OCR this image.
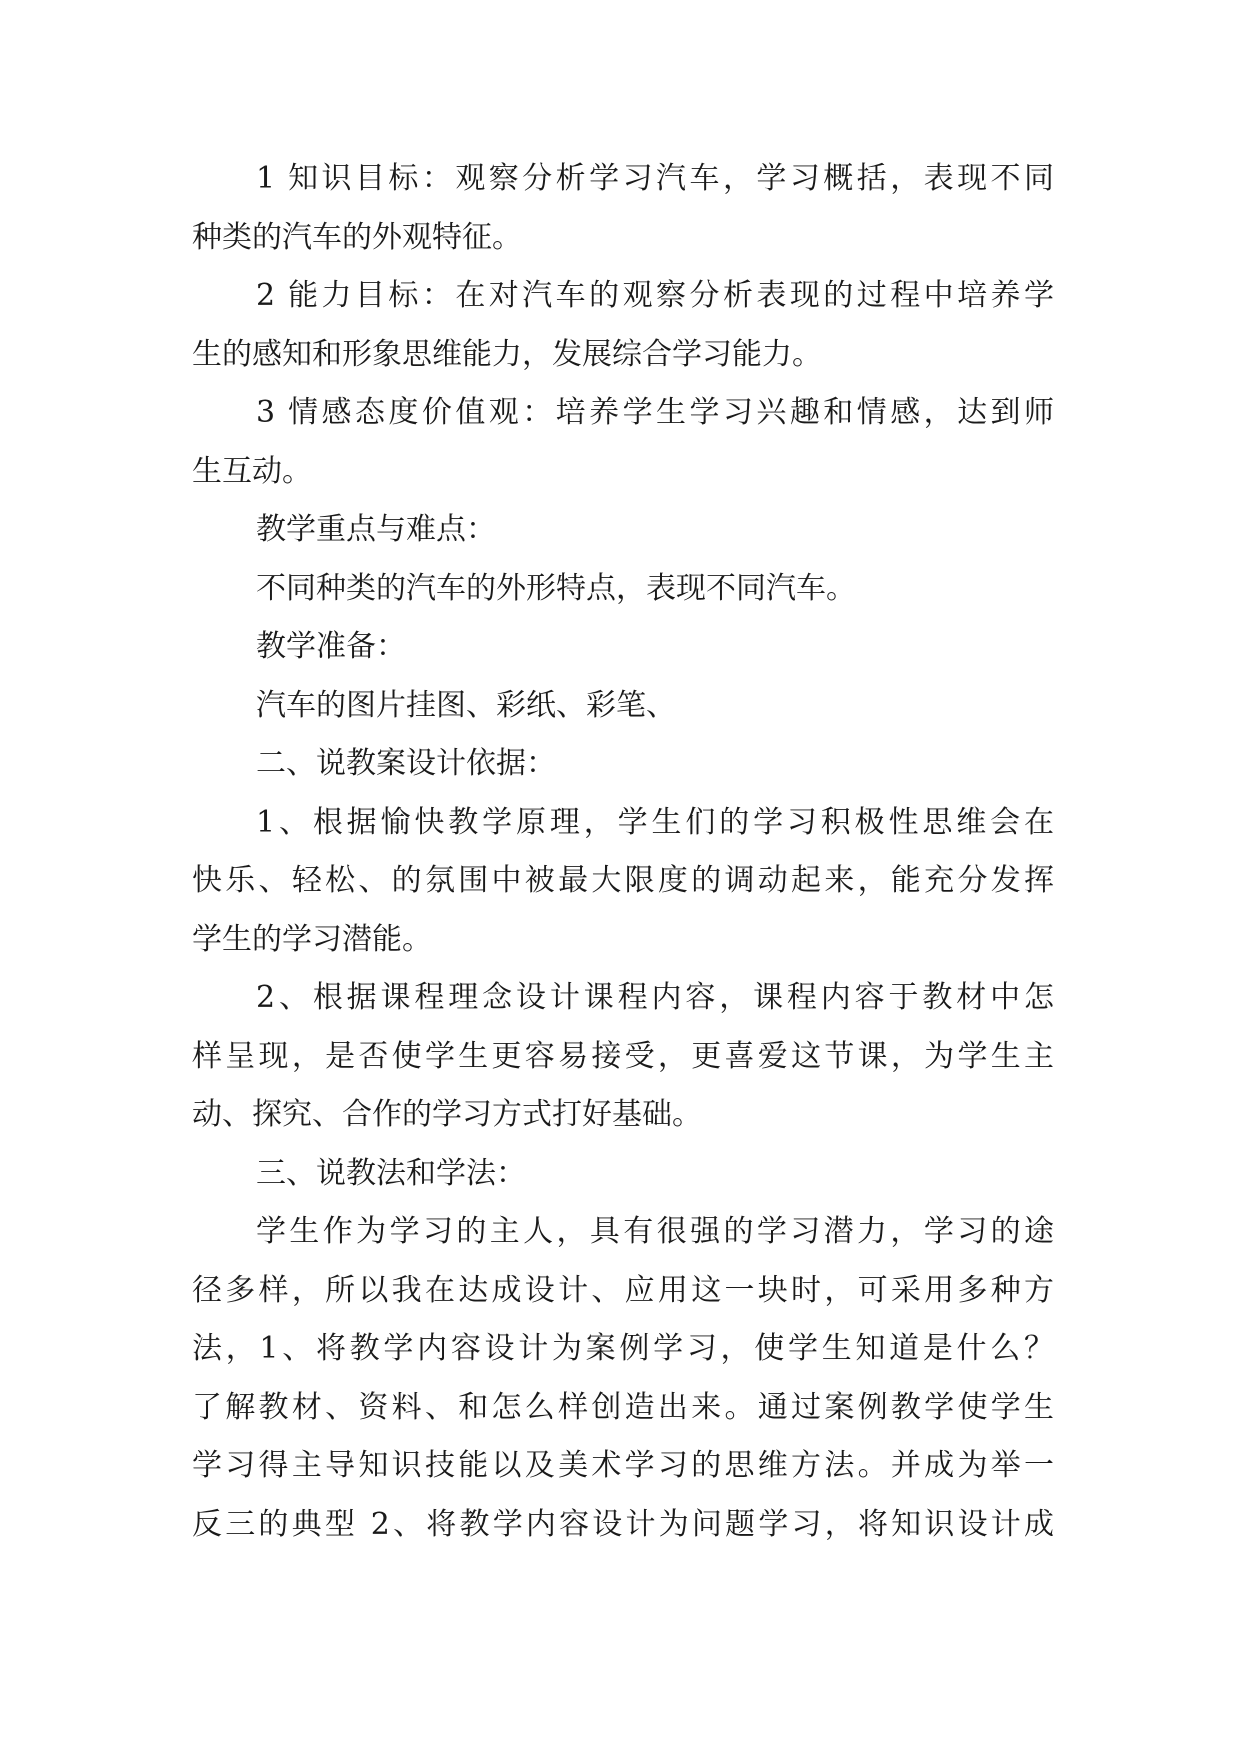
1 知识目标：观察分析学习汽车，学习概括，表现不同
种类的汽车的外观特征。
2 能力目标：在对汽车的观察分析表现的过程中培养学
生的感知和形象思维能力，发展综合学习能力。
3 情感态度价值观：培养学生学习兴趣和情感，达到师
生互动。
教学重点与难点：
不同种类的汽车的外形特点，表现不同汽车。
教学准备：
汽车的图片挂图、彩纸、彩笔、
二、说教案设计依据：
1、根据愉快教学原理，学生们的学习积极性思维会在
快乐、轻松、的氛围中被最大限度的调动起来，能充分发挥
学生的学习潜能。
2、根据课程理念设计课程内容，课程内容于教材中怎
样呈现，是否使学生更容易接受，更喜爱这节课，为学生主
动、探究、合作的学习方式打好基础。
三、说教法和学法：
学生作为学习的主人，具有很强的学习潜力，学习的途
径多样，所以我在达成设计、应用这一块时，可采用多种方
法，1、将教学内容设计为案例学习，使学生知道是什么？
了解教材、资料、和怎么样创造出来。通过案例教学使学生
学习得主导知识技能以及美术学习的思维方法。并成为举一
反三的典型 2、将教学内容设计为问题学习，将知识设计成
